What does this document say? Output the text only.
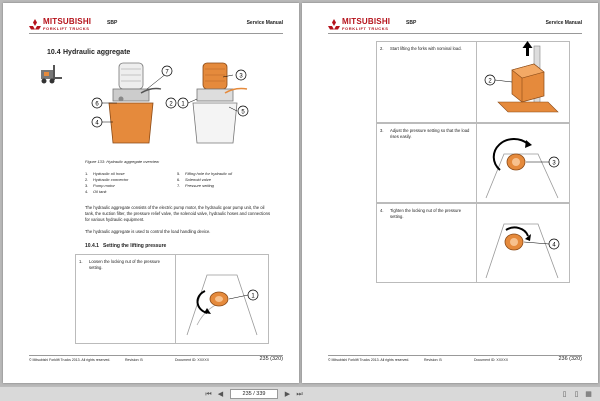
MITSUBISHI
FORKLIFT TRUCKS
SBP	Service Manual
10.4 Hydraulic aggregate
7
6
4
3
2 1
5
Figure 133: Hydraulic aggregate overview
1. Hydraulic oil hose
2. Hydraulic connector
3. Pump motor
4. Oil tank
5. Filling hole for hydraulic oil
6. Solenoid valve
7. Pressure setting
The hydraulic aggregate consists of the electric pump motor, the hydraulic gear pump unit, the oil tank, the suction filter, the pressure relief valve, the solenoid valve, hydraulic hoses and connections for various hydraulic equipment.
The hydraulic aggregate is used to control the load handling device.
10.4.1 Setting the lifting pressure
1. Loosen the locking nut of the pressure setting.
1
© Mitsubishi Forklift Trucks 2013. All rights reserved.	Revision: B	Document ID: XXXXX	235 (320)
MITSUBISHI
FORKLIFT TRUCKS
SBP	Service Manual
2. Start lifting the forks with nominal load.
2
3. Adjust the pressure setting so that the load rises easily.
3
4. Tighten the locking nut of the pressure setting.
4
© Mitsubishi Forklift Trucks 2013. All rights reserved.	Revision: B	Document ID: XXXXX	236 (320)
⏮ ◀	235 / 339	▶ ⏭	▯	▯ ▦
